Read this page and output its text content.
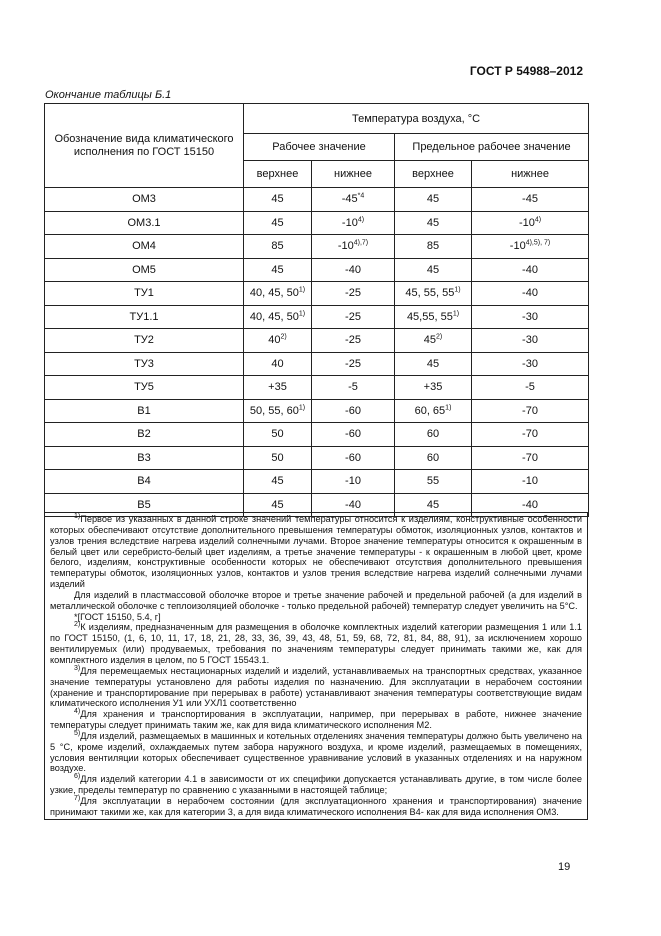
ГОСТ Р 54988–2012
Окончание таблицы Б.1
Обозначение вида климатического исполнения по ГОСТ 15150	Температура воздуха, °С			
	Рабочее значение		Предельное рабочее значение	
	верхнее	нижнее	верхнее	нижнее
ОМ3	45	-45$^{*4}$	45	-45
ОМ3.1	45	-10$^{4)}$	45	-10$^{4)}$
ОМ4	85	$-10^{4),7)}$	85	$-10^{4),5), 7)}$
ОМ5	45	-40	45	-40
ТУ1	40, 45, 50$^{1)}$	-25	45, 55, 55$^{1)}$	-40
ТУ1.1	40, 45, 50$^{1)}$	-25	45,55, 55$^{1)}$	-30
ТУ2	40$^{2)}$	-25	45$^{2)}$	-30
ТУ3	40	-25	45	-30
ТУ5	+35	-5	+35	-5
В1	50, 55, 60$^{1)}$	-60	60, 65$^{1)}$	-70
В2	50	-60	60	-70
В3	50	-60	60	-70
В4	45	-10	55	-10
В5	45	-40	45	-40

$^{1)}$Первое из указанных в данной строке значений температуры относится к изделиям, конструктивные особенности которых обеспечивают отсутствие дополнительного превышения температуры обмоток, изоляционных узлов, контактов и узлов трения вследствие нагрева изделий солнечными лучами. Второе значение температуры относится к окрашенным в белый цвет или серебристо-белый цвет изделиям, а третье значение температуры - к окрашенным в любой цвет, кроме белого, изделиям, конструктивные особенности которых не обеспечивают отсутствия дополнительного превышения температуры обмоток, изоляционных узлов, контактов и узлов трения вследствие нагрева изделий солнечными лучами изделий

Для изделий в пластмассовой оболочке второе и третье значение рабочей и предельной рабочей (а для изделий в металлической оболочке с теплоизоляцией оболочке - только предельной рабочей) температур следует увеличить на 5°С.

*[ГОСТ 15150, 5.4, г]

$^{2)}$К изделиям, предназначенным для размещения в оболочке комплектных изделий категории размещения 1 или 1.1 по ГОСТ 15150, (1, 6, 10, 11, 17, 18, 21, 28, 33, 36, 39, 43, 48, 51, 59, 68, 72, 81, 84, 88, 91), за исключением хорошо вентилируемых (или) продуваемых, требования по значениям температуры следует принимать такими же, как для комплектного изделия в целом, по 5 ГОСТ 15543.1.

$^{3)}$Для перемещаемых нестационарных изделий и изделий, устанавливаемых на транспортных средствах, указанное значение температуры установлено для работы изделия по назначению. Для эксплуатации в нерабочем состоянии (хранение и транспортирование при перерывах в работе) устанавливают значения температуры соответствующие видам климатического исполнения У1 или УХЛ1 соответственно

$^{4)}$Для хранения и транспортирования в эксплуатации, например, при перерывах в работе, нижнее значение температуры следует принимать таким же, как для вида климатического исполнения М2.

$^{5)}$Для изделий, размещаемых в машинных и котельных отделениях значения температуры должно быть увеличено на 5 °С, кроме изделий, охлаждаемых путем забора наружного воздуха, и кроме изделий, размещаемых в помещениях, условия вентиляции которых обеспечивает существенное уравнивание условий в указанных отделениях и на наружном воздухе.

$^{6)}$Для изделий категории 4.1 в зависимости от их специфики допускается устанавливать другие, в том числе более узкие, пределы температур по сравнению с указанными в настоящей таблице;

$^{7)}$Для эксплуатации в нерабочем состоянии (для эксплуатационного хранения и транспортирования) значение принимают такими же, как для категории 3, а для вида климатического исполнения В4- как для вида исполнения ОМ3.

19
